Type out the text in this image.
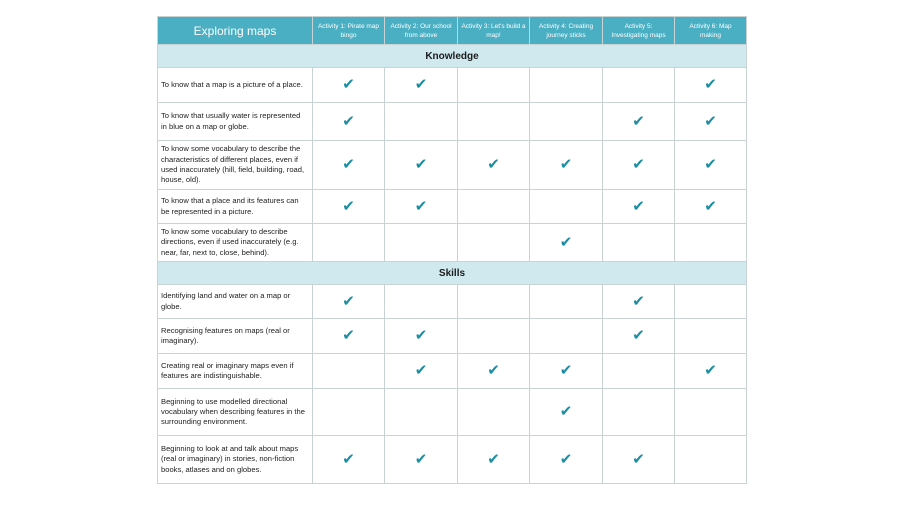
Exploring maps	Activity 1: Pirate map bingo	Activity 2: Our school from above	Activity 3: Let's build a map!	Activity 4: Creating journey sticks	Activity 5: Investigating maps	Activity 6: Map making
Knowledge						
To know that a map is a picture of a place.	✔	✔				✔
To know that usually water is represented in blue on a map or globe.	✔				✔	✔
To know some vocabulary to describe the characteristics of different places, even if used inaccurately (hill, field, building, road, house, old).	✔	✔	✔	✔	✔	✔
To know that a place and its features can be represented in a picture.	✔	✔			✔	✔
To know some vocabulary to describe directions, even if used inaccurately (e.g. near, far, next to, close, behind).				✔		
Skills						
Identifying land and water on a map or globe.	✔				✔	
Recognising features on maps (real or imaginary).	✔	✔			✔	
Creating real or imaginary maps even if features are indistinguishable.		✔	✔	✔		✔
Beginning to use modelled directional vocabulary when describing features in the surrounding environment.				✔		
Beginning to look at and talk about maps (real or imaginary) in stories, non-fiction books, atlases and on globes.	✔	✔	✔	✔	✔	
